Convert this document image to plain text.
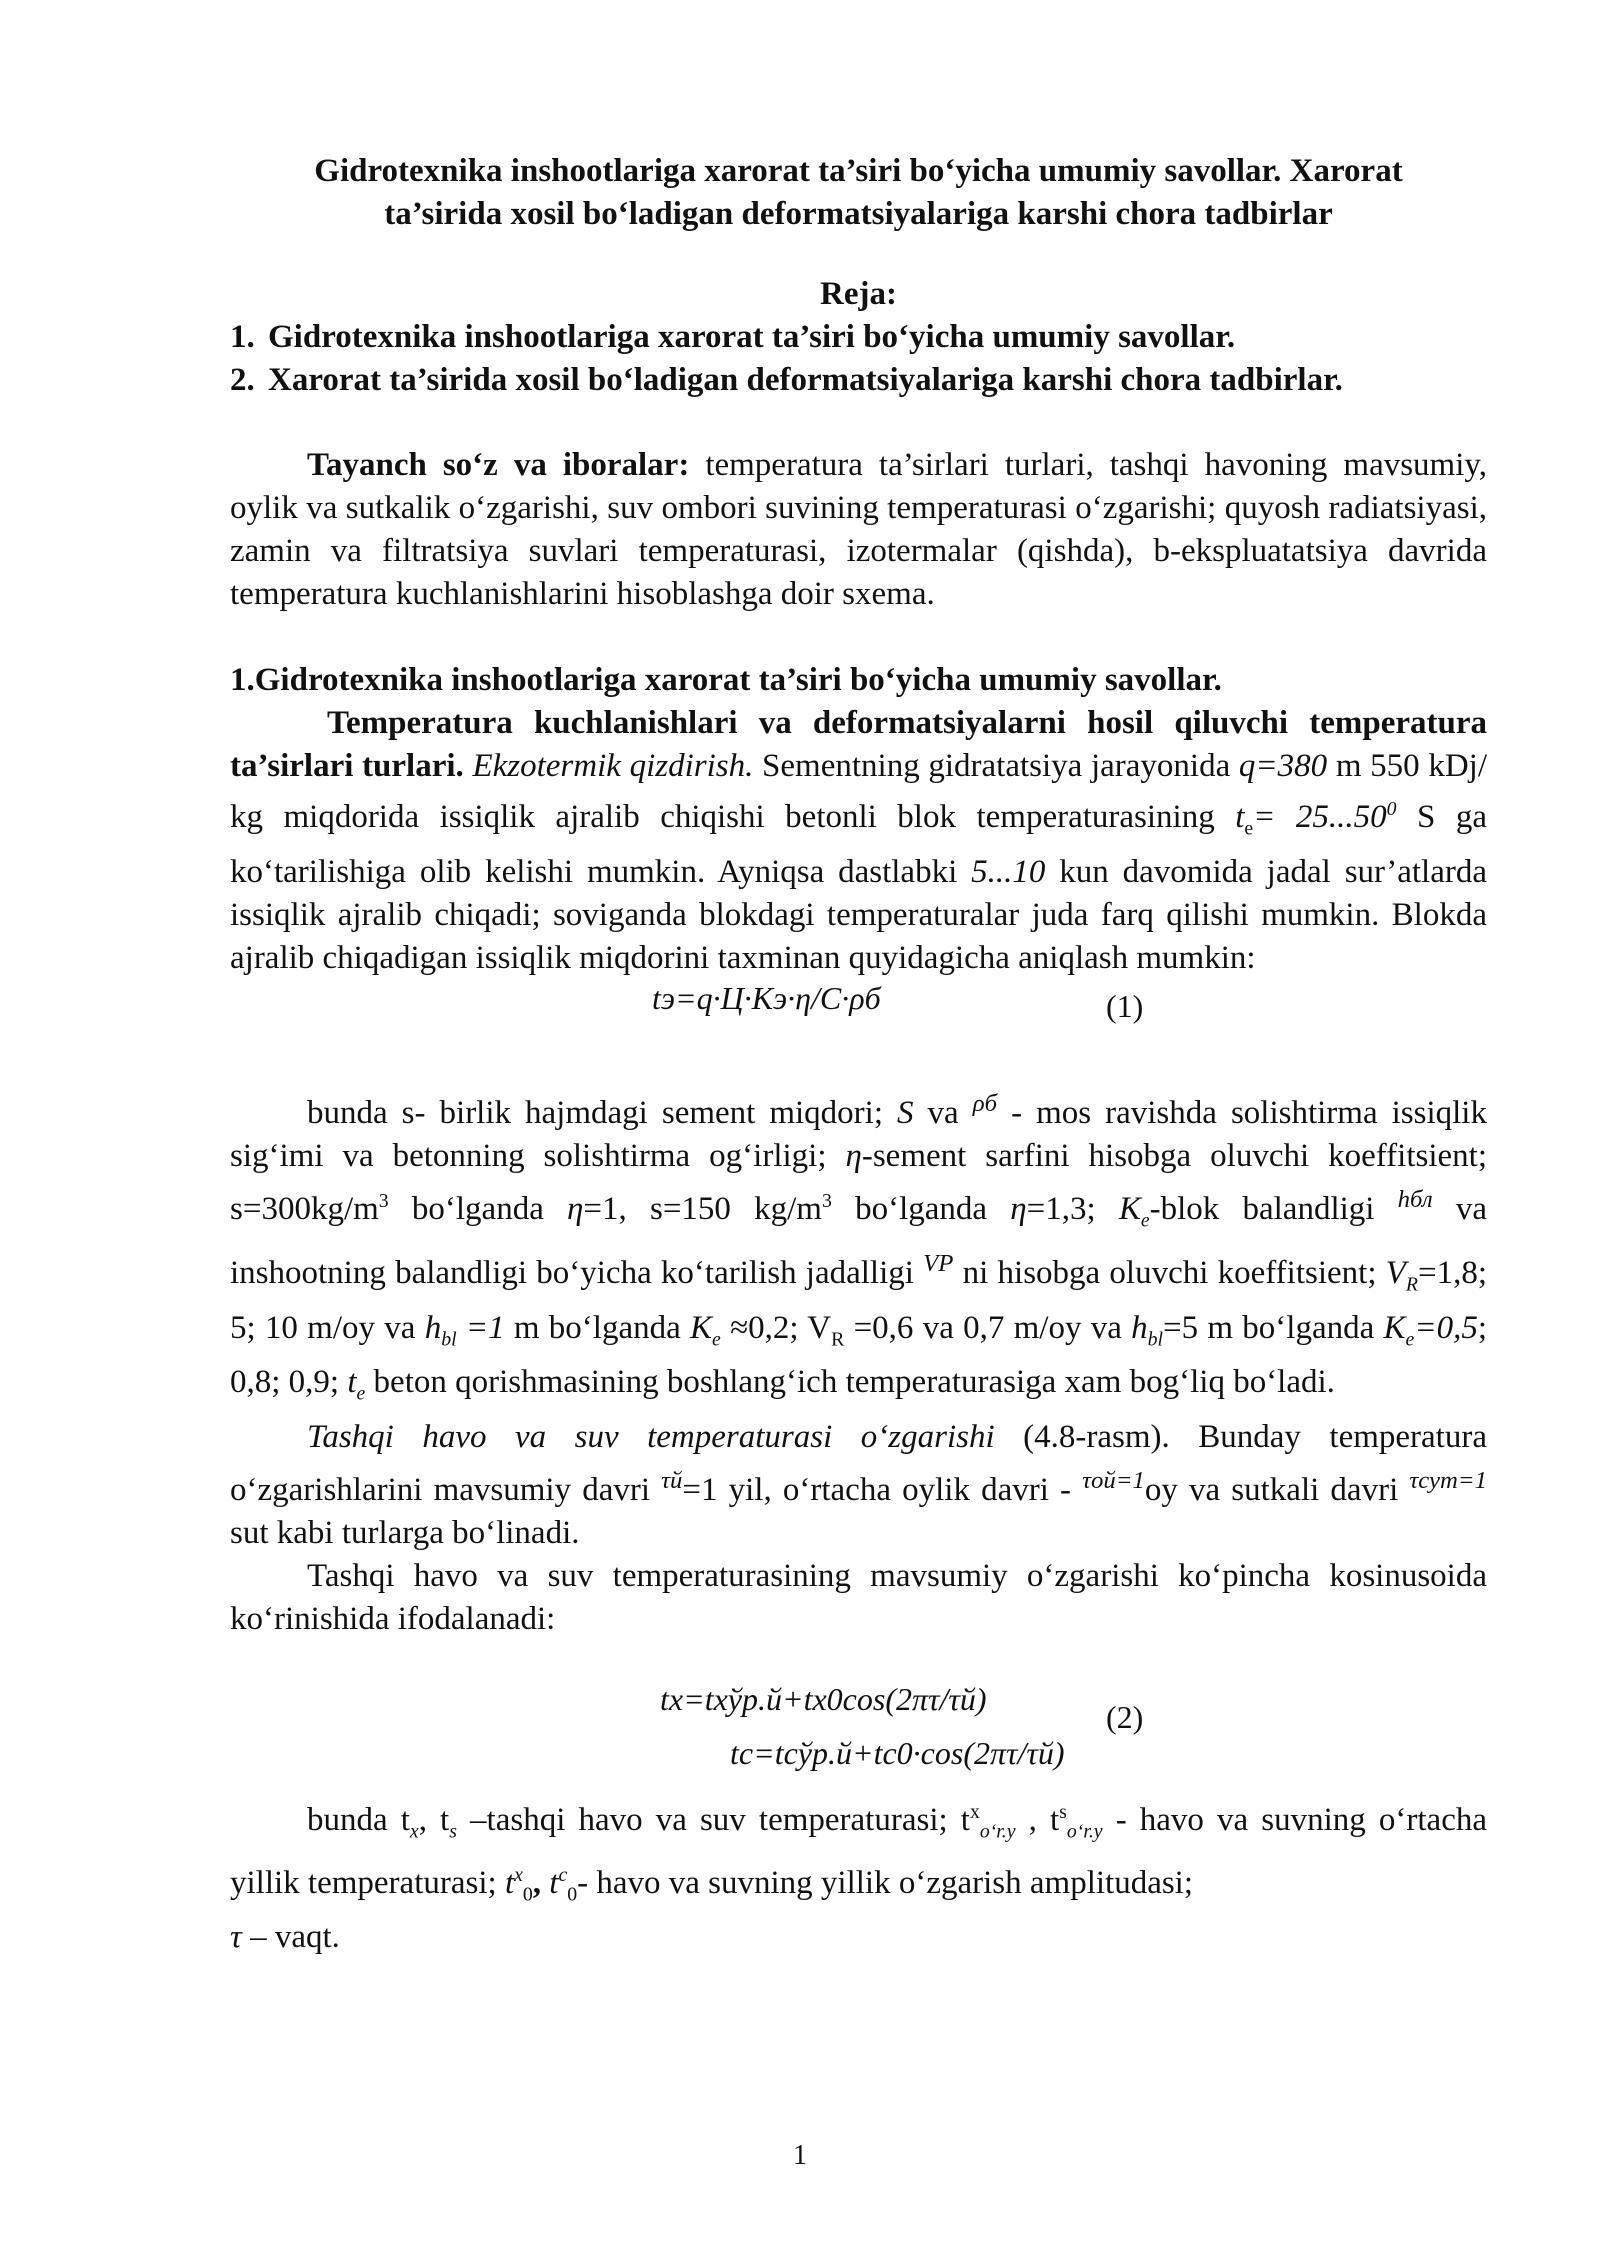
Gidrotexnika inshootlariga xarorat ta’siri bo‘yicha umumiy savollar. Xarorat
ta’sirida xosil bo‘ladigan deformatsiyalariga karshi chora tadbirlar
Reja:
1. Gidrotexnika inshootlariga xarorat ta’siri bo‘yicha umumiy savollar.
2. Xarorat ta’sirida xosil bo‘ladigan deformatsiyalariga karshi chora tadbirlar.

Tayanch so‘z va iboralar: temperatura ta’sirlari turlari, tashqi havoning mavsumiy, oylik va sutkalik o‘zgarishi, suv ombori suvining temperaturasi o‘zgarishi; quyosh radiatsiyasi, zamin va filtratsiya suvlari temperaturasi, izotermalar (qishda), b-ekspluatatsiya davrida temperatura kuchlanishlarini hisoblashga doir sxema.

1.Gidrotexnika inshootlariga xarorat ta’siri bo‘yicha umumiy savollar.

Temperatura kuchlanishlari va deformatsiyalarni hosil qiluvchi temperatura ta’sirlari turlari. Ekzotermik qizdirish. Sementning gidratatsiya jarayonida q=380 m 550 kDj/ kg miqdorida issiqlik ajralib chiqishi betonli blok temperaturasining $t_e= 25...50^0$ S ga ko‘tarilishiga olib kelishi mumkin. Ayniqsa dastlabki 5...10 kun davomida jadal sur’atlarda issiqlik ajralib chiqadi; soviganda blokdagi temperaturalar juda farq qilishi mumkin. Blokda ajralib chiqadigan issiqlik miqdorini taxminan quyidagicha aniqlash mumkin:

tэ=q·Ц·Kэ·η/C·ρб	(1)

bunda s- birlik hajmdagi sement miqdori; S va $^{\rho б}$ - mos ravishda solishtirma issiqlik sig‘imi va betonning solishtirma og‘irligi; η-sement sarfini hisobga oluvchi koeffitsient; $s=300kg/m^3$ bo‘lganda η=1, s=150 $kg/m^3$ bo‘lganda η=1,3; $K_e$-blok balandligi $^{hбл}$ va inshootning balandligi bo‘yicha ko‘tarilish jadalligi $^{VP}$ ni hisobga oluvchi koeffitsient; $V_R=1,8$; 5; 10 m/oy va $h_{bl} =1$ m bo‘lganda $K_e \approx 0,2$; $V_R =0,6$ va 0,7 m/oy va $h_{bl}=5$ m bo‘lganda $K_e=0,5$; 0,8; 0,9; $t_e$ beton qorishmasining boshlang‘ich temperaturasiga xam bog‘liq bo‘ladi.

Tashqi havo va suv temperaturasi o‘zgarishi (4.8-rasm). Bunday temperatura o‘zgarishlarini mavsumiy davri $^{\tau й}$=1 yil, o‘rtacha oylik davri - $^{\tau ой=1}$oy va sutkali davri $^{\tau сут=1}$ sut kabi turlarga bo‘linadi.

Tashqi havo va suv temperaturasining mavsumiy o‘zgarishi ko‘pincha kosinusoida ko‘rinishida ifodalanadi:

tx=txўр.й+tx0cos(2πτ/τй)	(2)
tc=tcўр.й+tc0·cos(2πτ/τй)

bunda $t_x$, $t_s$ –tashqi havo va suv temperaturasi; $t^x_{o‘r.y}$ , $t^s_{o‘r.y}$ - havo va suvning o‘rtacha yillik temperaturasi; $t^x_0$, $t^c_0-$ havo va suvning yillik o‘zgarish amplitudasi;
τ – vaqt.

1
